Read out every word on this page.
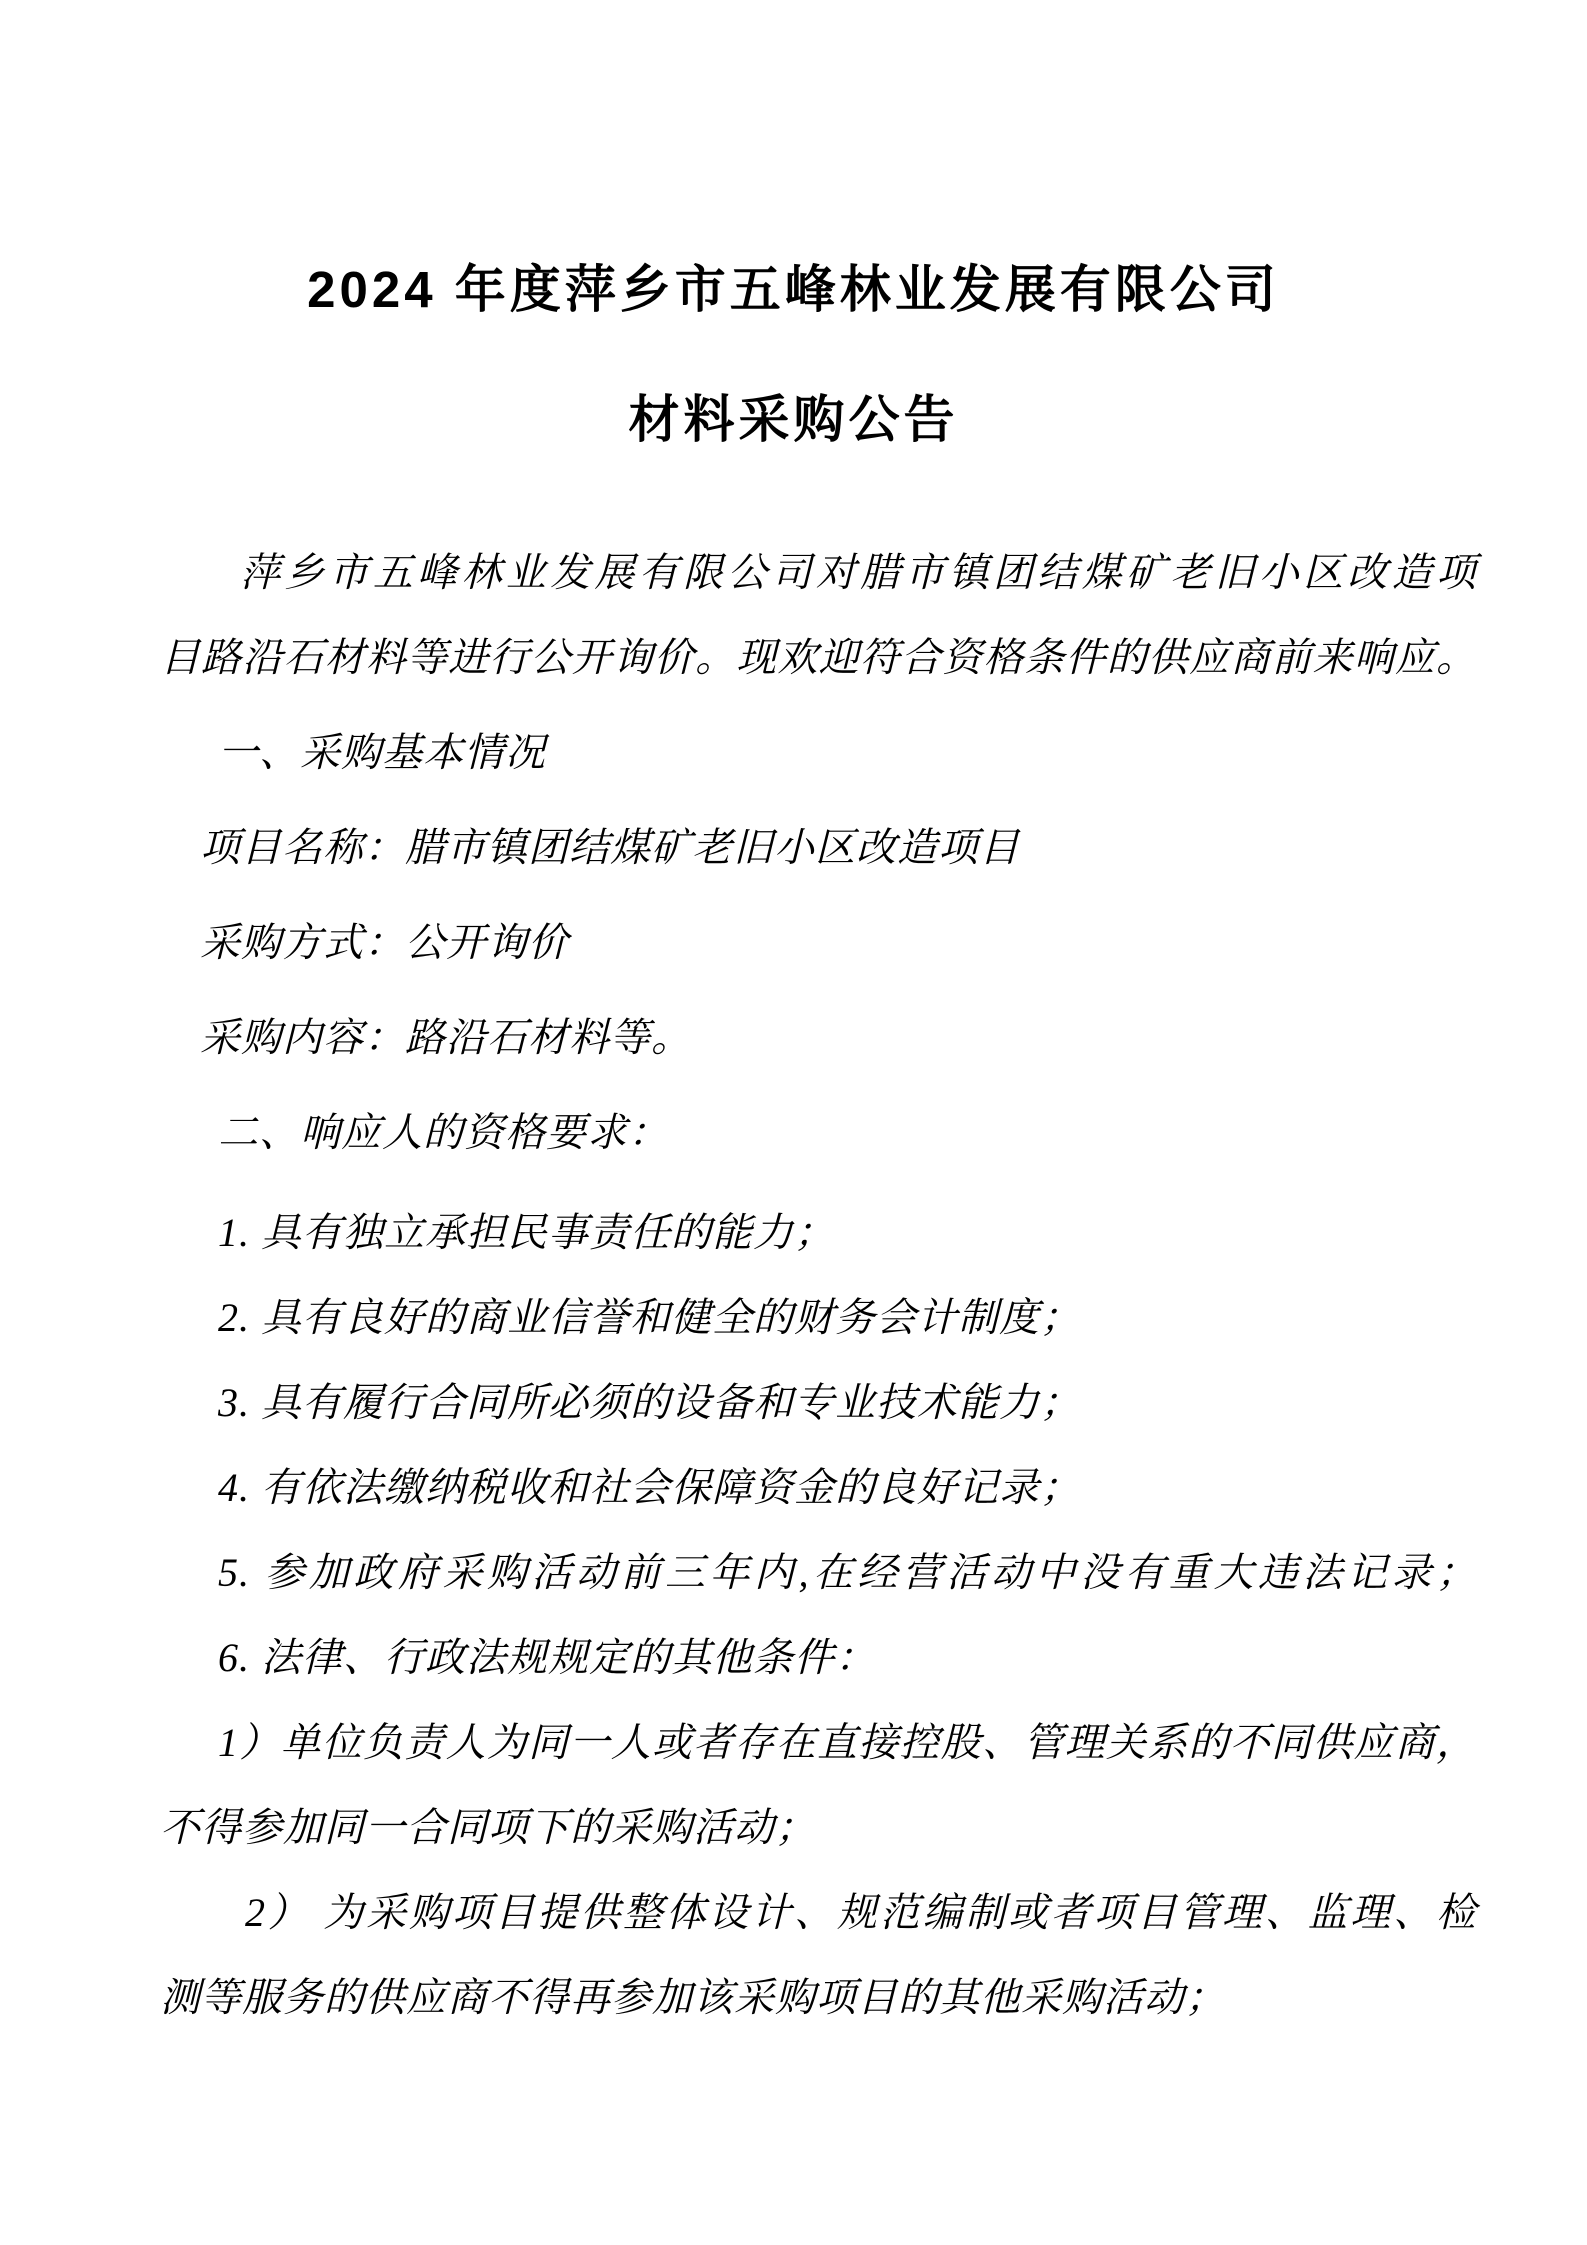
2024 年度萍乡市五峰林业发展有限公司
材料采购公告
萍乡市五峰林业发展有限公司对腊市镇团结煤矿老旧小区改造项
目路沿石材料等进行公开询价。现欢迎符合资格条件的供应商前来响应。
一、采购基本情况
项目名称：腊市镇团结煤矿老旧小区改造项目
采购方式：公开询价
采购内容：路沿石材料等。
二、响应人的资格要求：
1. 具有独立承担民事责任的能力；
2. 具有良好的商业信誉和健全的财务会计制度；
3. 具有履行合同所必须的设备和专业技术能力；
4. 有依法缴纳税收和社会保障资金的良好记录；
5. 参加政府采购活动前三年内,在经营活动中没有重大违法记录；
6. 法律、行政法规规定的其他条件：
1）单位负责人为同一人或者存在直接控股、管理关系的不同供应商，
不得参加同一合同项下的采购活动；
2） 为采购项目提供整体设计、规范编制或者项目管理、监理、检
测等服务的供应商不得再参加该采购项目的其他采购活动；
